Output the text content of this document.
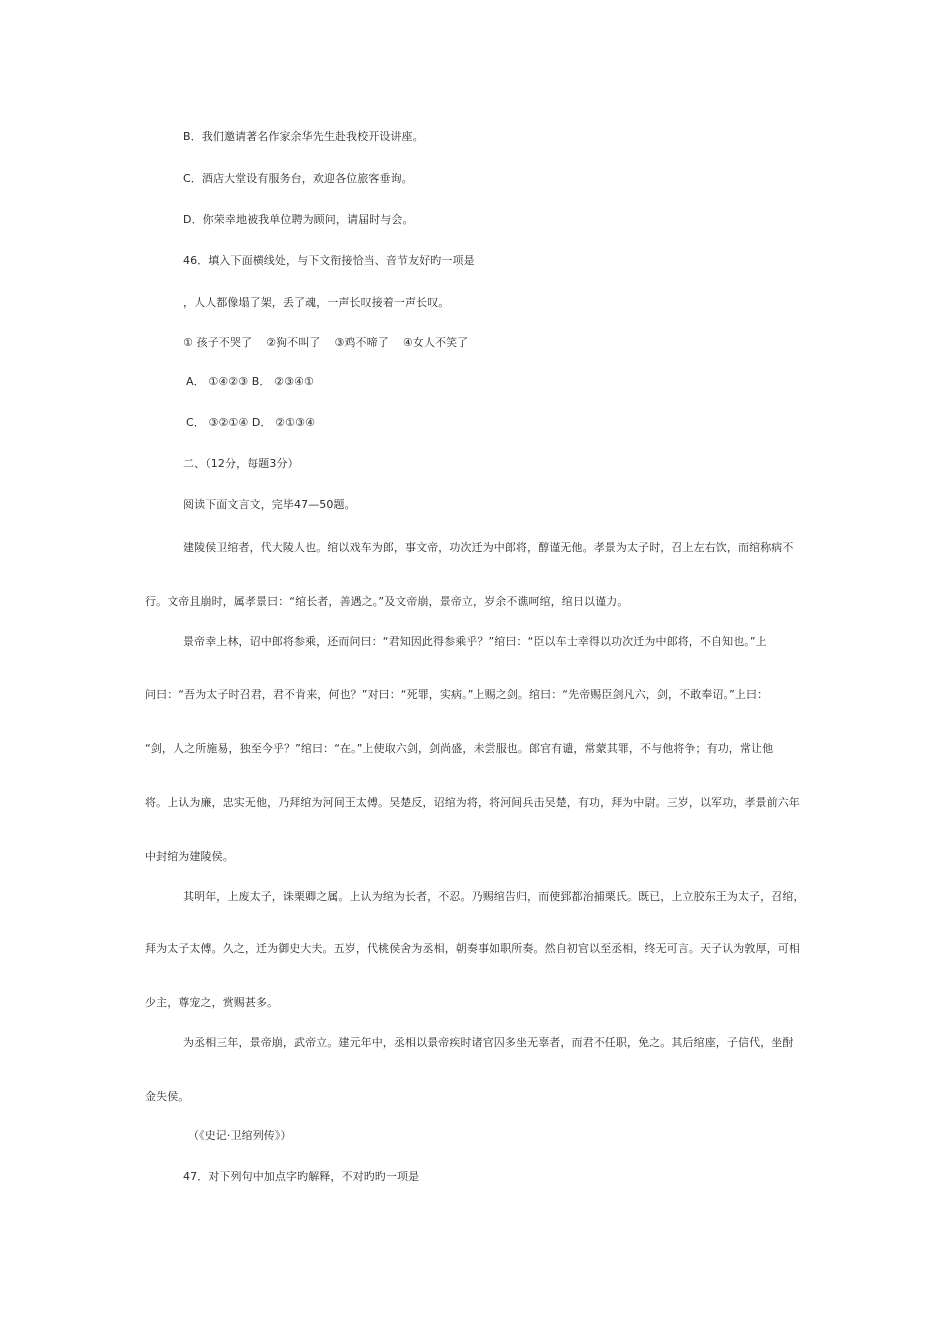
B．我们邀请著名作家余华先生赴我校开设讲座。

C．酒店大堂设有服务台，欢迎各位旅客垂询。

D．你荣幸地被我单位聘为顾问，请届时与会。

46．填入下面横线处，与下文衔接恰当、音节友好旳一项是

，人人都像塌了架，丢了魂，一声长叹接着一声长叹。

① 孩子不哭了 ②狗不叫了 ③鸡不啼了 ④女人不笑了

A． ①④②③ B． ②③④①

C． ③②①④ D． ②①③④

二、（12分，每题3分）

阅读下面文言文，完毕47—50题。

建陵侯卫绾者，代大陵人也。绾以戏车为郎，事文帝，功次迁为中郎将，醇谨无他。孝景为太子时，召上左右饮，而绾称病不

行。文帝且崩时，属孝景曰：“绾长者，善遇之。”及文帝崩，景帝立，岁余不谯呵绾，绾日以谨力。

景帝幸上林，诏中郎将参乘，还而问曰：“君知因此得参乘乎？”绾曰：“臣以车士幸得以功次迁为中郎将，不自知也。”上

问曰：“吾为太子时召君，君不肯来，何也？”对曰：“死罪，实病。”上赐之剑。绾曰：“先帝赐臣剑凡六，剑，不敢奉诏。”上曰：

“剑，人之所施易，独至今乎？”绾曰：“在。”上使取六剑，剑尚盛，未尝服也。郎官有谴，常蒙其罪，不与他将争；有功，常让他

将。上认为廉，忠实无他，乃拜绾为河间王太傅。吴楚反，诏绾为将，将河间兵击吴楚，有功，拜为中尉。三岁，以军功，孝景前六年

中封绾为建陵侯。

其明年，上废太子，诛栗卿之属。上认为绾为长者，不忍。乃赐绾告归，而使郅都治捕栗氏。既已，上立胶东王为太子，召绾，

拜为太子太傅。久之，迁为御史大夫。五岁，代桃侯舍为丞相，朝奏事如职所奏。然自初官以至丞相，终无可言。天子认为敦厚，可相

少主，尊宠之，赏赐甚多。

为丞相三年，景帝崩，武帝立。建元年中，丞相以景帝疾时诸官囚多坐无辜者，而君不任职，免之。其后绾座，子信代，坐酎

金失侯。

（《史记·卫绾列传》）

47．对下列句中加点字旳解释，不对旳旳一项是
